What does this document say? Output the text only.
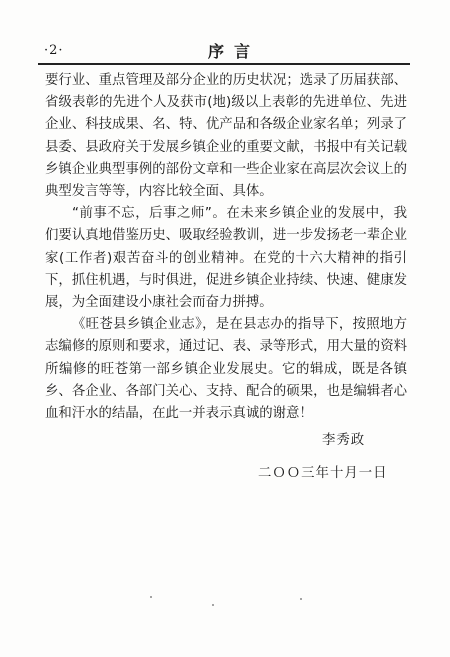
·2·	序言

要行业、重点管理及部分企业的历史状况；选录了历届获部、省级表彰的先进个人及获市(地)级以上表彰的先进单位、先进企业、科技成果、名、特、优产品和各级企业家名单；列录了县委、县政府关于发展乡镇企业的重要文献，书报中有关记载乡镇企业典型事例的部份文章和一些企业家在高层次会议上的典型发言等等，内容比较全面、具体。

“前事不忘，后事之师”。在未来乡镇企业的发展中，我们要认真地借鉴历史、吸取经验教训，进一步发扬老一辈企业家(工作者)艰苦奋斗的创业精神。在党的十六大精神的指引下，抓住机遇，与时俱进，促进乡镇企业持续、快速、健康发展，为全面建设小康社会而奋力拼搏。

《旺苍县乡镇企业志》，是在县志办的指导下，按照地方志编修的原则和要求，通过记、表、录等形式，用大量的资料所编修的旺苍第一部乡镇企业发展史。它的辑成，既是各镇乡、各企业、各部门关心、支持、配合的硕果，也是编辑者心血和汗水的结晶，在此一并表示真诚的谢意！

李秀政
二ＯＯ三年十月一日
